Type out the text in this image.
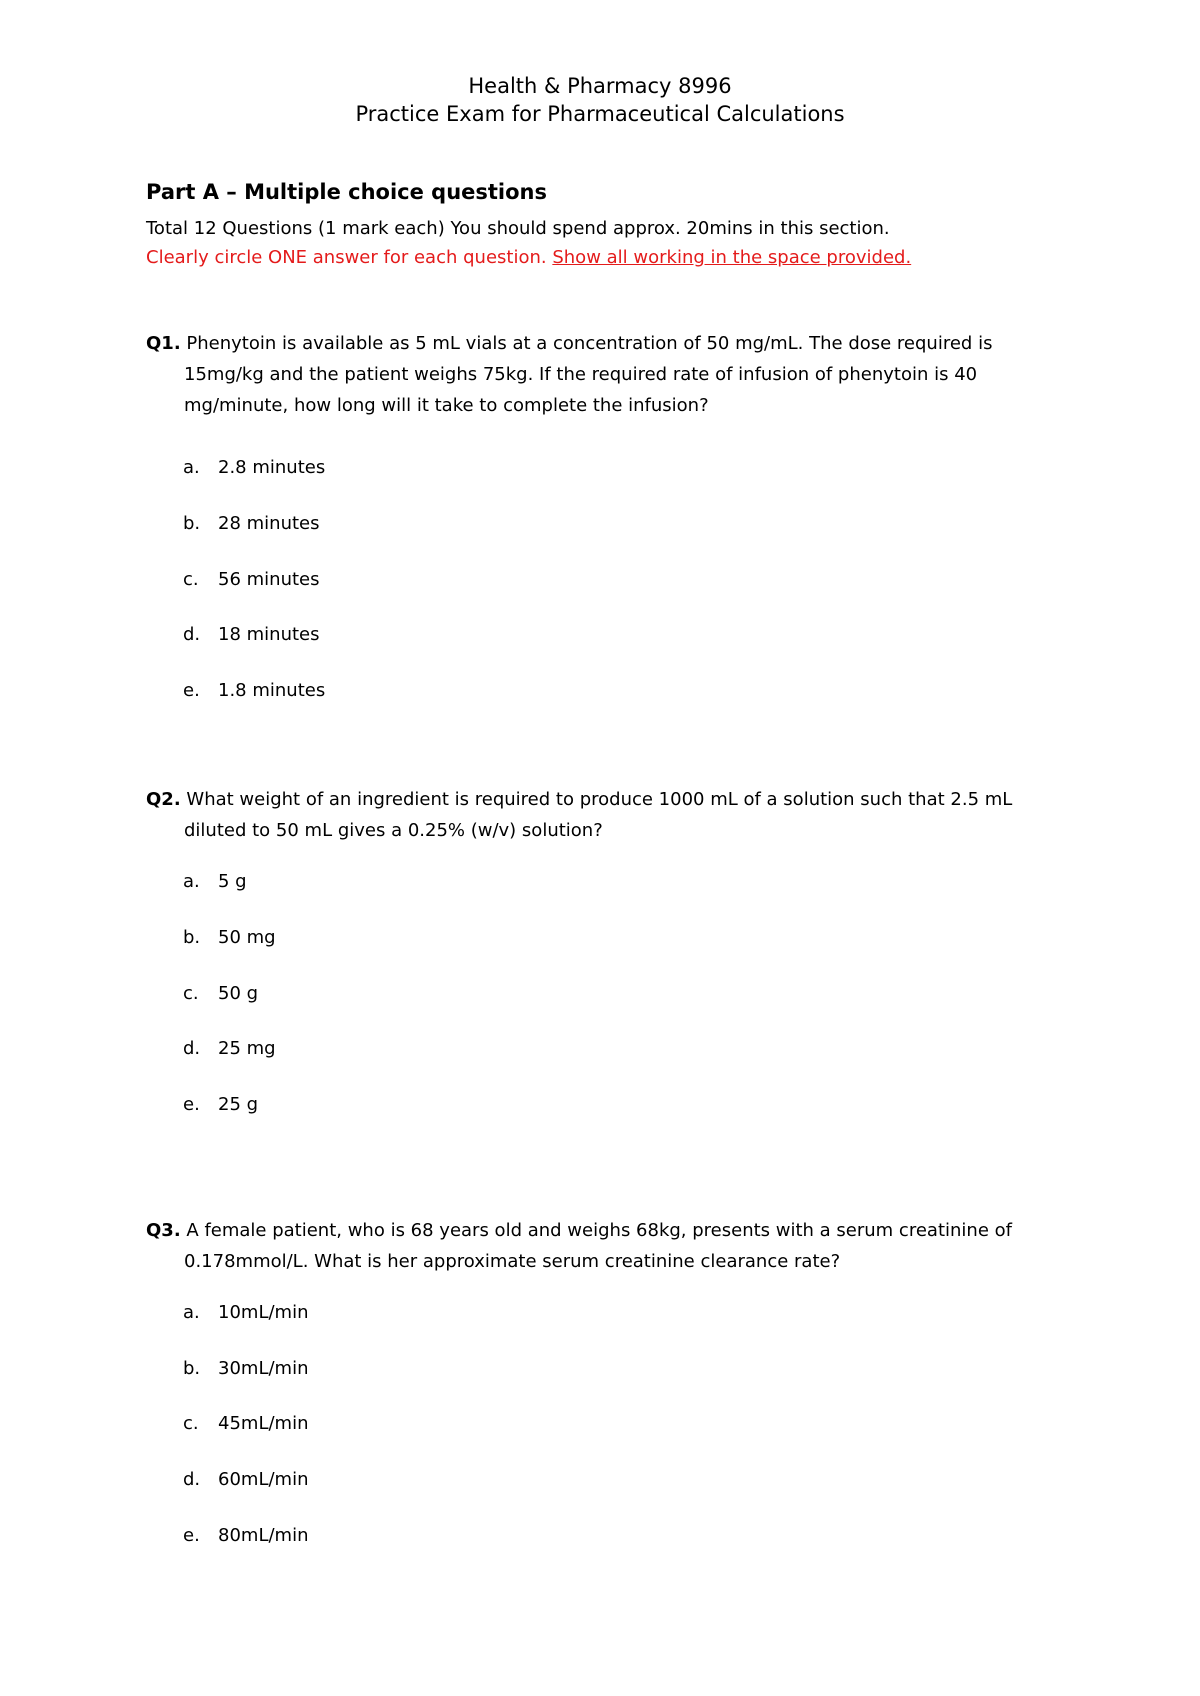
Health & Pharmacy 8996
Practice Exam for Pharmaceutical Calculations
Part A – Multiple choice questions
Total 12 Questions (1 mark each) You should spend approx. 20mins in this section.
Clearly circle ONE answer for each question. Show all working in the space provided.
Q1. Phenytoin is available as 5 mL vials at a concentration of 50 mg/mL. The dose required is
15mg/kg and the patient weighs 75kg. If the required rate of infusion of phenytoin is 40
mg/minute, how long will it take to complete the infusion?
a. 2.8 minutes
b. 28 minutes
c. 56 minutes
d. 18 minutes
e. 1.8 minutes
Q2. What weight of an ingredient is required to produce 1000 mL of a solution such that 2.5 mL
diluted to 50 mL gives a 0.25% (w/v) solution?
a. 5 g
b. 50 mg
c. 50 g
d. 25 mg
e. 25 g
Q3. A female patient, who is 68 years old and weighs 68kg, presents with a serum creatinine of
0.178mmol/L. What is her approximate serum creatinine clearance rate?
a. 10mL/min
b. 30mL/min
c. 45mL/min
d. 60mL/min
e. 80mL/min
